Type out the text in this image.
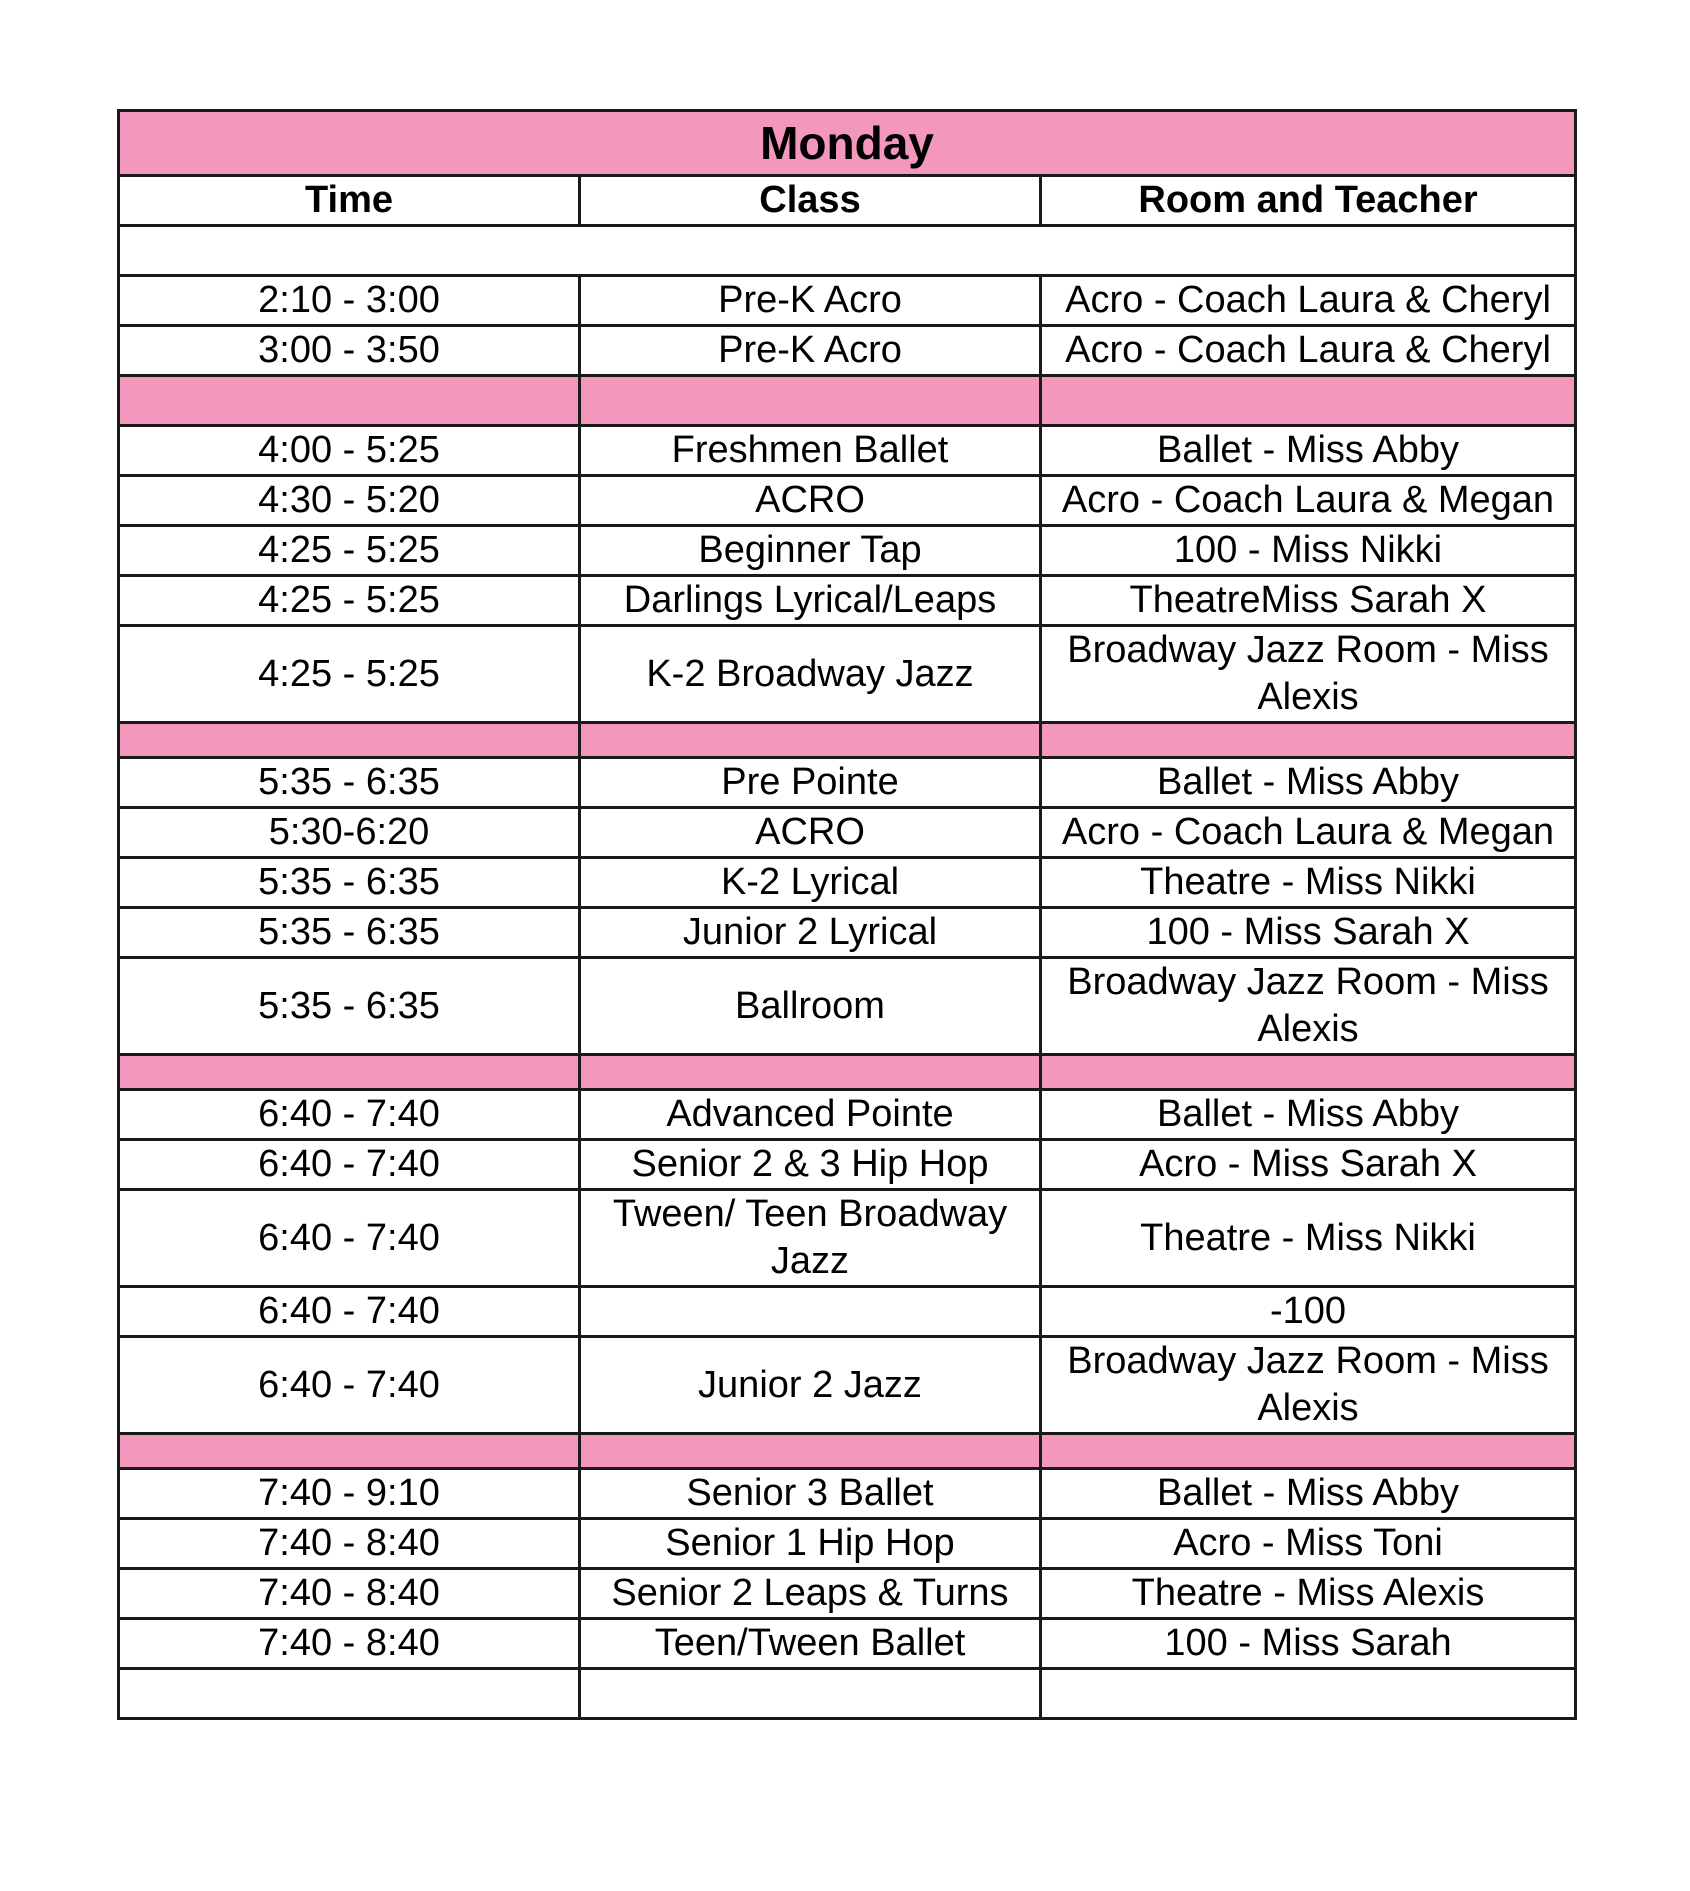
Monday		
Time	Class	Room and Teacher

2:10 - 3:00	Pre-K Acro	Acro - Coach Laura & Cheryl
3:00 - 3:50	Pre-K Acro	Acro - Coach Laura & Cheryl

4:00 - 5:25	Freshmen Ballet	Ballet - Miss Abby
4:30 - 5:20	ACRO	Acro - Coach Laura & Megan
4:25 - 5:25	Beginner Tap	100 - Miss Nikki
4:25 - 5:25	Darlings Lyrical/Leaps	TheatreMiss Sarah X
4:25 - 5:25	K-2 Broadway Jazz	Broadway Jazz Room - Miss Alexis

5:35 - 6:35	Pre Pointe	Ballet - Miss Abby
5:30-6:20	ACRO	Acro - Coach Laura & Megan
5:35 - 6:35	K-2 Lyrical	Theatre - Miss Nikki
5:35 - 6:35	Junior 2 Lyrical	100 - Miss Sarah X
5:35 - 6:35	Ballroom	Broadway Jazz Room - Miss Alexis

6:40 - 7:40	Advanced Pointe	Ballet - Miss Abby
6:40 - 7:40	Senior 2 & 3 Hip Hop	Acro - Miss Sarah X
6:40 - 7:40	Tween/ Teen Broadway Jazz	Theatre - Miss Nikki
6:40 - 7:40		-100
6:40 - 7:40	Junior 2 Jazz	Broadway Jazz Room - Miss Alexis

7:40 - 9:10	Senior 3 Ballet	Ballet - Miss Abby
7:40 - 8:40	Senior 1 Hip Hop	Acro - Miss Toni
7:40 - 8:40	Senior 2 Leaps & Turns	Theatre - Miss Alexis
7:40 - 8:40	Teen/Tween Ballet	100 - Miss Sarah
